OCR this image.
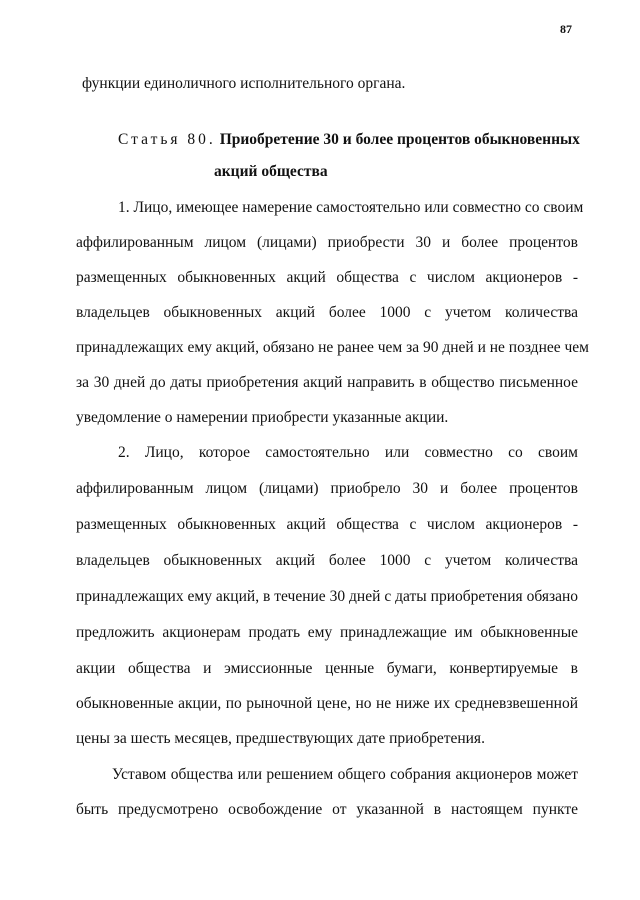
87
функции единоличного исполнительного органа.
Статья 80. Приобретение 30 и более процентов обыкновенных
акций общества
1. Лицо, имеющее намерение самостоятельно или совместно со своим
аффилированным лицом (лицами) приобрести 30 и более процентов
размещенных обыкновенных акций общества с числом акционеров -
владельцев обыкновенных акций более 1000 с учетом количества
принадлежащих ему акций, обязано не ранее чем за 90 дней и не позднее чем
за 30 дней до даты приобретения акций направить в общество письменное
уведомление о намерении приобрести указанные акции.
2. Лицо, которое самостоятельно или совместно со своим
аффилированным лицом (лицами) приобрело 30 и более процентов
размещенных обыкновенных акций общества с числом акционеров -
владельцев обыкновенных акций более 1000 с учетом количества
принадлежащих ему акций, в течение 30 дней с даты приобретения обязано
предложить акционерам продать ему принадлежащие им обыкновенные
акции общества и эмиссионные ценные бумаги, конвертируемые в
обыкновенные акции, по рыночной цене, но не ниже их средневзвешенной
цены за шесть месяцев, предшествующих дате приобретения.
Уставом общества или решением общего собрания акционеров может
быть предусмотрено освобождение от указанной в настоящем пункте
